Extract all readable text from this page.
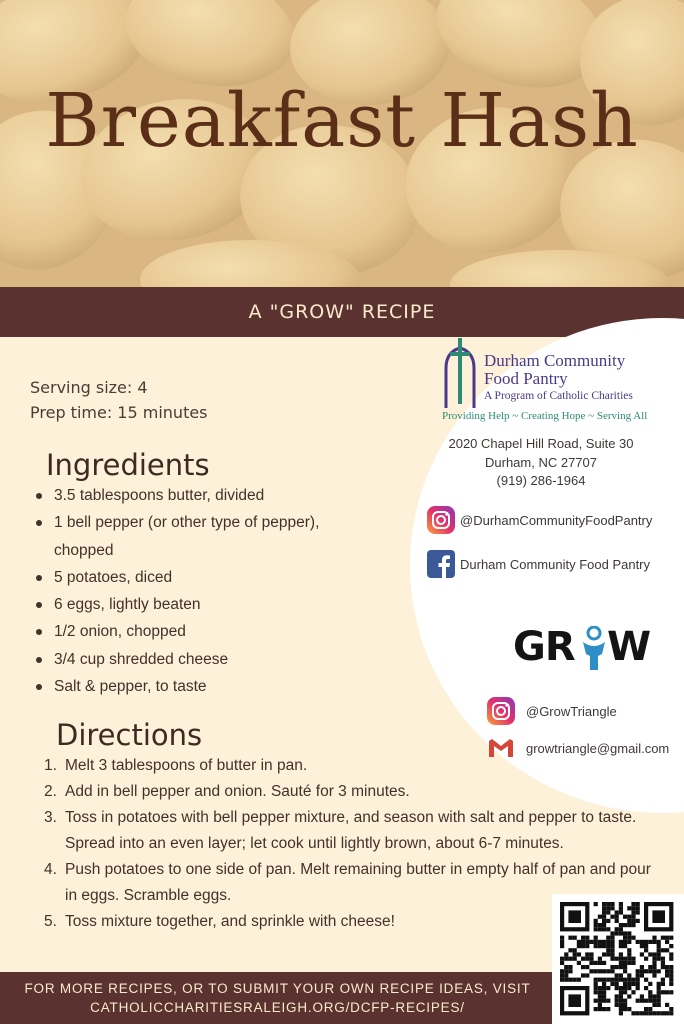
Breakfast Hash
A "GROW" RECIPE
Serving size: 4
Prep time: 15 minutes
Ingredients
3.5 tablespoons butter, divided
1 bell pepper (or other type of pepper), chopped
5 potatoes, diced
6 eggs, lightly beaten
1/2 onion, chopped
3/4 cup shredded cheese
Salt & pepper, to taste
Directions
1. Melt 3 tablespoons of butter in pan.
2. Add in bell pepper and onion. Sauté for 3 minutes.
3. Toss in potatoes with bell pepper mixture, and season with salt and pepper to taste. Spread into an even layer; let cook until lightly brown, about 6-7 minutes.
4. Push potatoes to one side of pan. Melt remaining butter in empty half of pan and pour in eggs. Scramble eggs.
5. Toss mixture together, and sprinkle with cheese!
Durham Community
Food Pantry
A Program of Catholic Charities
Providing Help ~ Creating Hope ~ Serving All
2020 Chapel Hill Road, Suite 30
Durham, NC 27707
(919) 286-1964
@DurhamCommunityFoodPantry
Durham Community Food Pantry
GR W
@GrowTriangle
growtriangle@gmail.com
FOR MORE RECIPES, OR TO SUBMIT YOUR OWN RECIPE IDEAS, VISIT
CATHOLICCHARITIESRALEIGH.ORG/DCFP-RECIPES/
